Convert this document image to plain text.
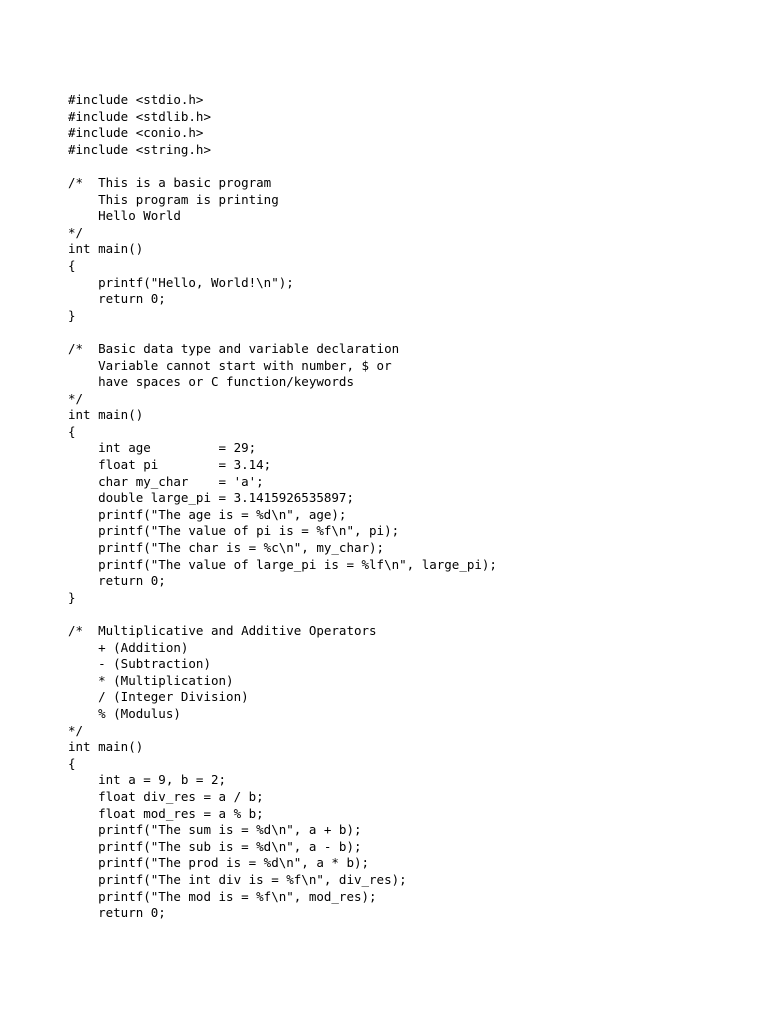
#include <stdio.h>
#include <stdlib.h>
#include <conio.h>
#include <string.h>
/*  This is a basic program
This program is printing
Hello World
*/
int main()
{
printf("Hello, World!\n");
return 0;
}
/*  Basic data type and variable declaration
Variable cannot start with number, $ or
have spaces or C function/keywords
*/
int main()
{
int age         = 29;
float pi        = 3.14;
char my_char    = 'a';
double large_pi = 3.1415926535897;
printf("The age is = %d\n", age);
printf("The value of pi is = %f\n", pi);
printf("The char is = %c\n", my_char);
printf("The value of large_pi is = %lf\n", large_pi);
return 0;
}
/*  Multiplicative and Additive Operators
+ (Addition)
- (Subtraction)
* (Multiplication)
/ (Integer Division)
% (Modulus)
*/
int main()
{
int a = 9, b = 2;
float div_res = a / b;
float mod_res = a % b;
printf("The sum is = %d\n", a + b);
printf("The sub is = %d\n", a - b);
printf("The prod is = %d\n", a * b);
printf("The int div is = %f\n", div_res);
printf("The mod is = %f\n", mod_res);
return 0;
